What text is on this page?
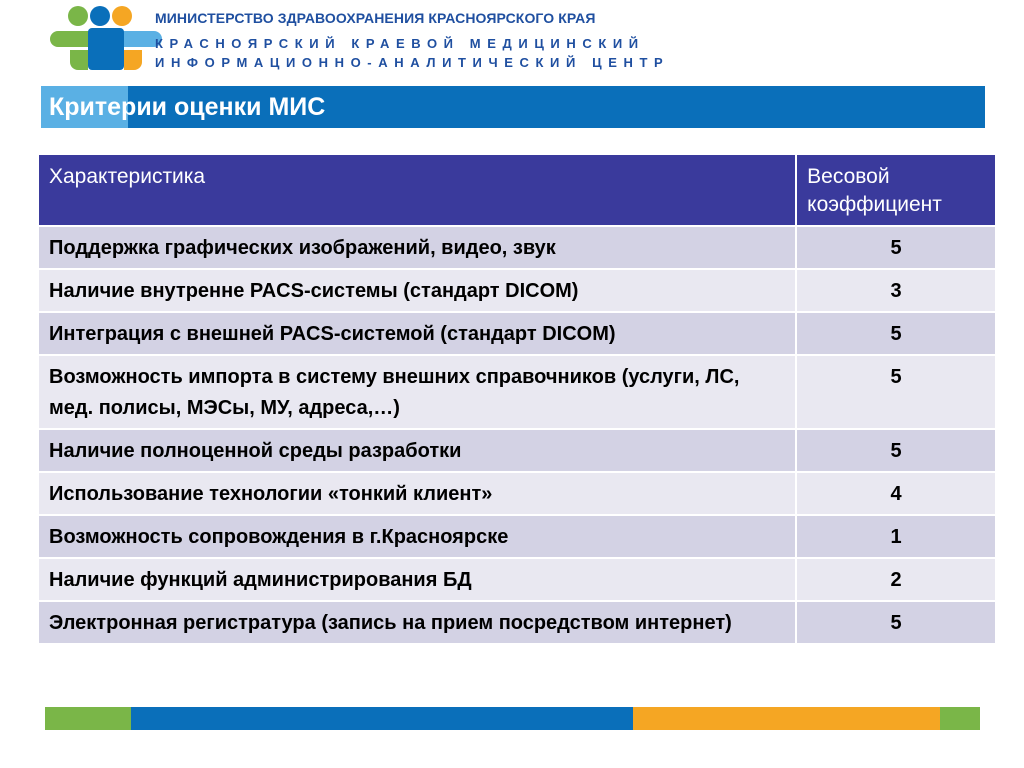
МИНИСТЕРСТВО ЗДРАВООХРАНЕНИЯ КРАСНОЯРСКОГО КРАЯ
КРАСНОЯРСКИЙ КРАЕВОЙ МЕДИЦИНСКИЙ
ИНФОРМАЦИОННО-АНАЛИТИЧЕСКИЙ ЦЕНТР
Критерии оценки МИС
Характеристика	Весовой коэффициент
Поддержка графических изображений, видео, звук	5
Наличие внутренне PACS-системы (стандарт DICOM)	3
Интеграция с внешней PACS-системой (стандарт DICOM)	5
Возможность импорта в систему внешних справочников (услуги, ЛС, мед. полисы, МЭСы, МУ, адреса,…)	5
Наличие полноценной среды разработки	5
Использование технологии «тонкий клиент»	4
Возможность сопровождения в г.Красноярске	1
Наличие функций администрирования БД	2
Электронная регистратура (запись на прием посредством интернет)	5
